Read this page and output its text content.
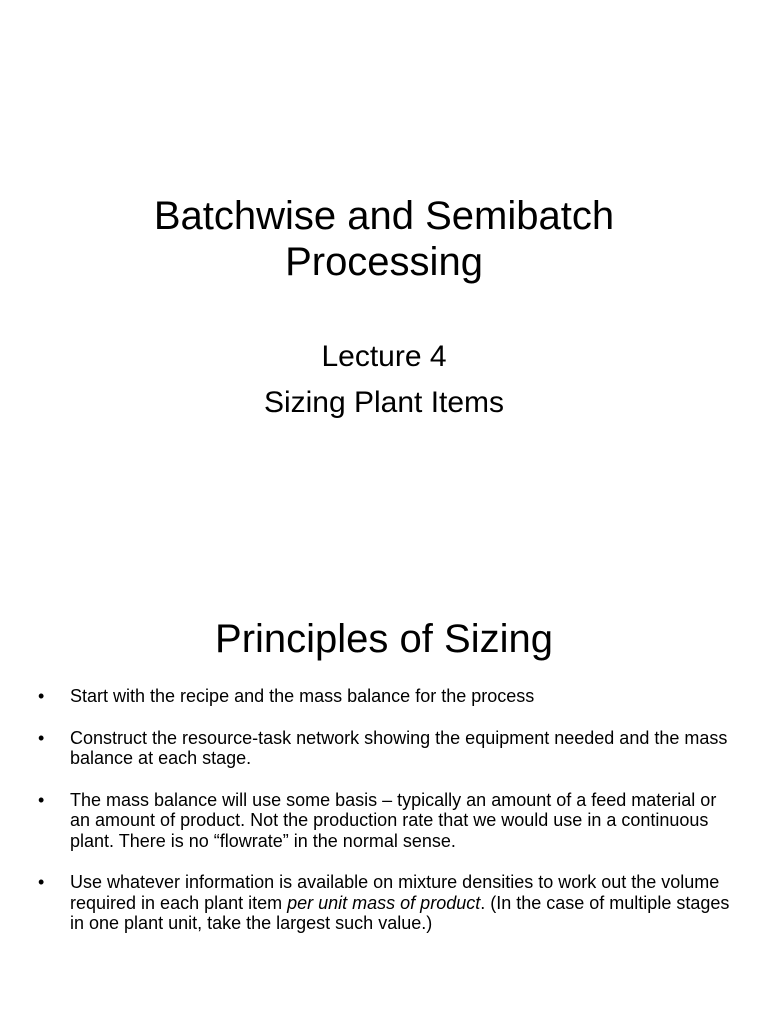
Batchwise and Semibatch
Processing
Lecture 4
Sizing Plant Items
Principles of Sizing
• Start with the recipe and the mass balance for the process
• Construct the resource-task network showing the equipment needed and the mass balance at each stage.
• The mass balance will use some basis – typically an amount of a feed material or an amount of product. Not the production rate that we would use in a continuous plant. There is no “flowrate” in the normal sense.
• Use whatever information is available on mixture densities to work out the volume required in each plant item per unit mass of product. (In the case of multiple stages in one plant unit, take the largest such value.)
